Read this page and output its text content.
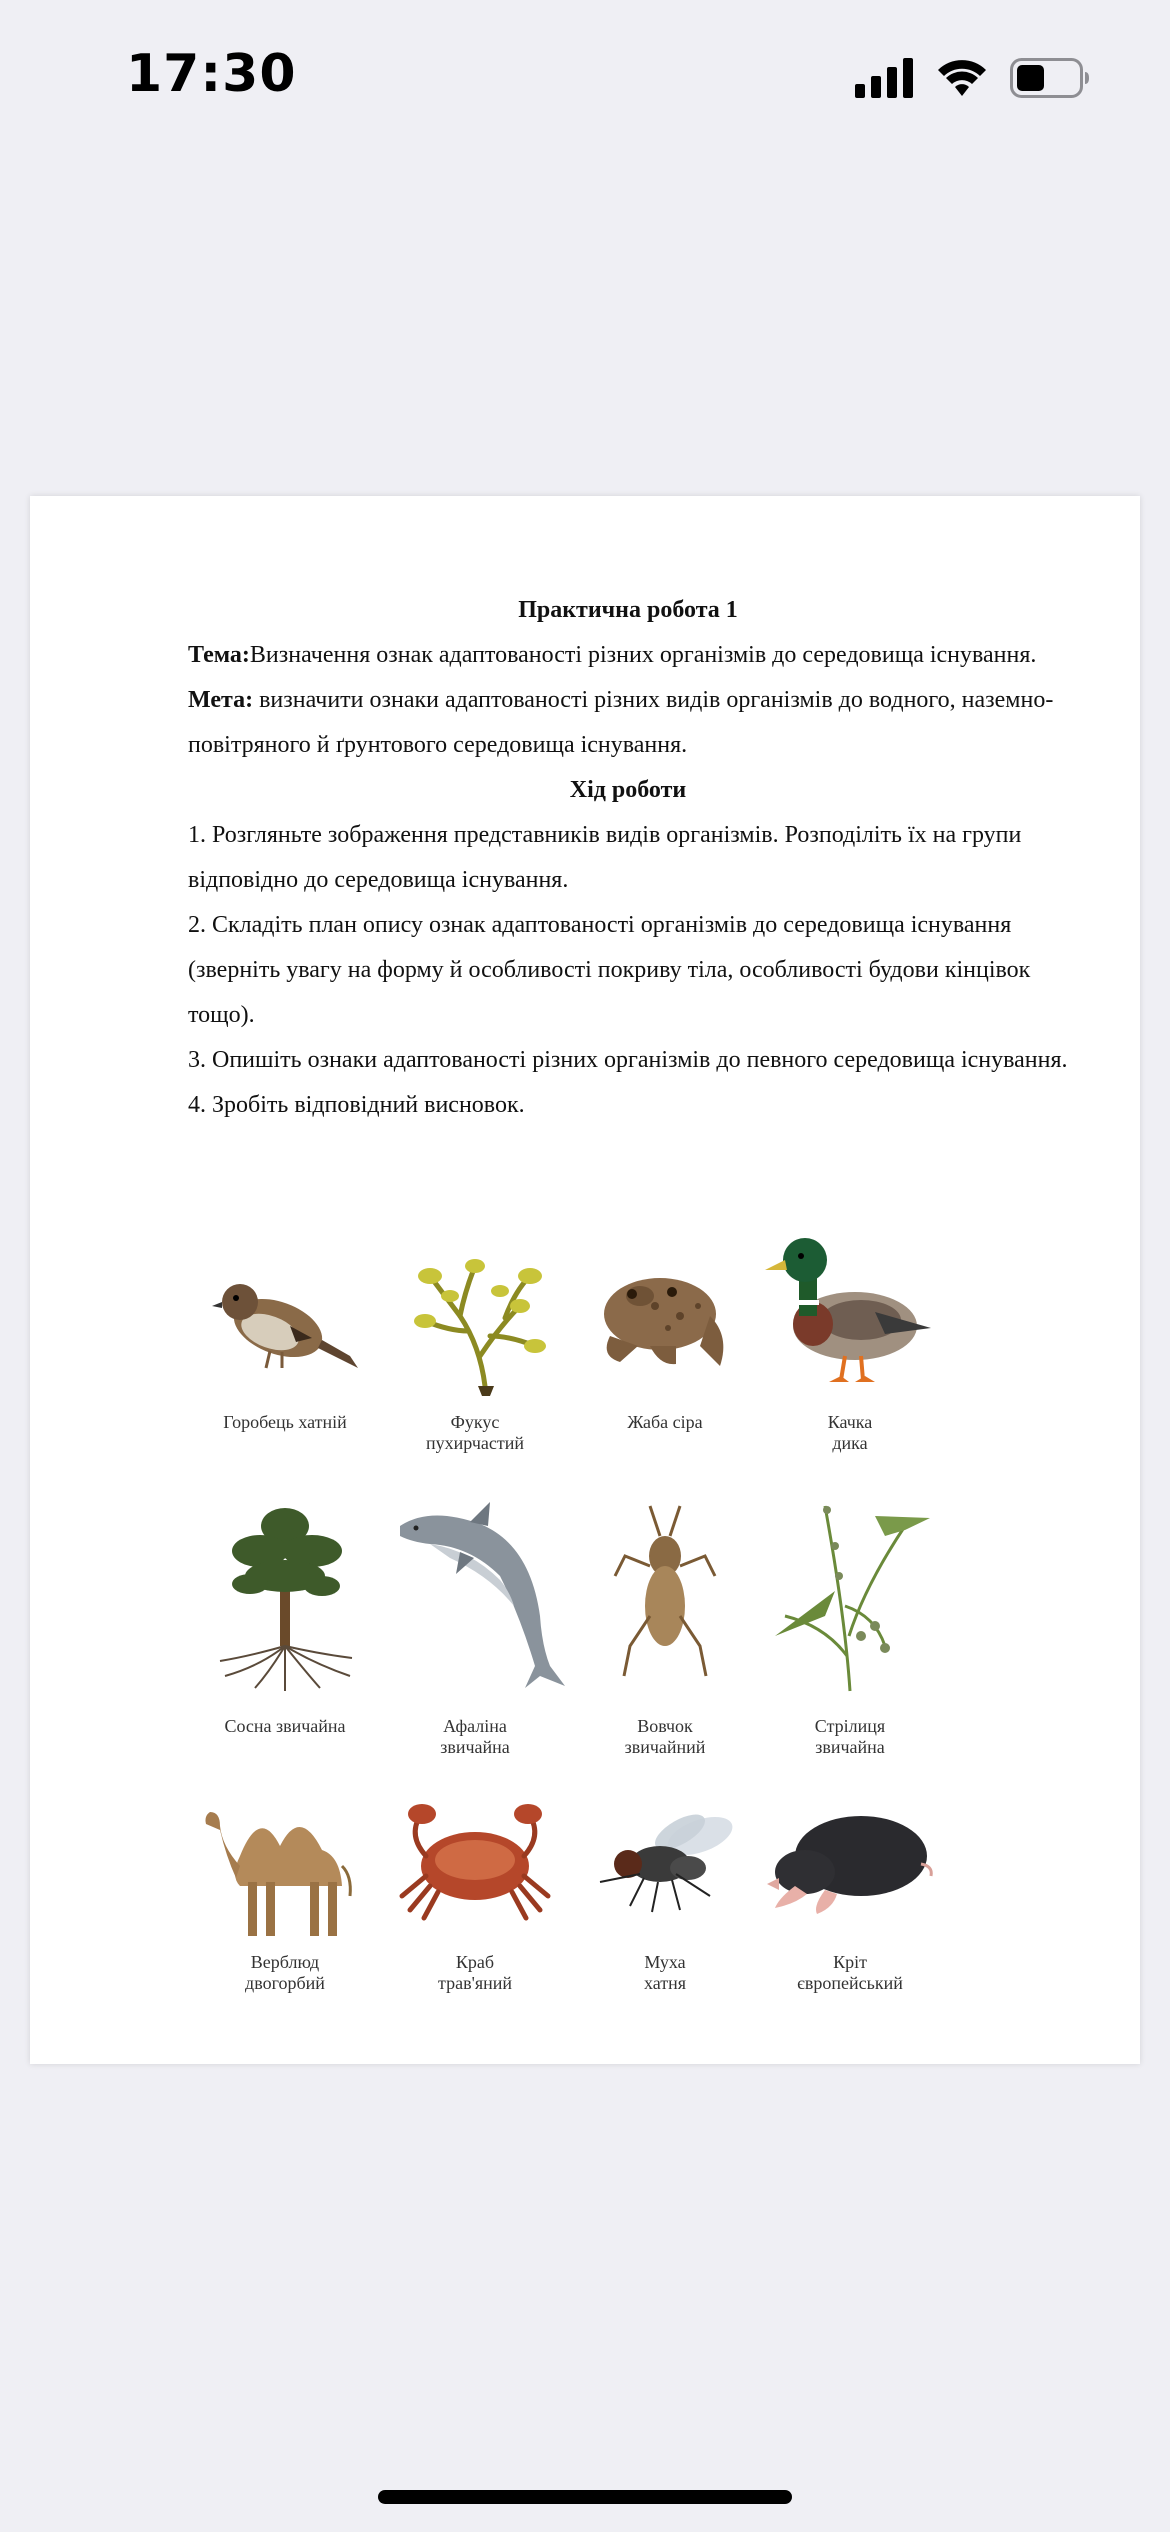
17:30

Практична робота 1

Тема:Визначення ознак адаптованості різних організмів до середовища існування.

Мета: визначити ознаки адаптованості різних видів організмів до водного, наземно-повітряного й ґрунтового середовища існування.

Хід роботи

1. Розгляньте зображення представників видів організмів. Розподіліть їх на групи відповідно до середовища існування.

2. Складіть план опису ознак адаптованості організмів до середовища існування (зверніть увагу на форму й особливості покриву тіла, особливості будови кінцівок тощо).

3. Опишіть ознаки адаптованості різних організмів до певного середовища існування.

4. Зробіть відповідний висновок.

Горобець хатній	Фукус
пухирчастий
Жаба сіра	Качка
дика
Сосна звичайна	Афаліна
звичайна
Вовчок
звичайний
Стрілиця
звичайна
Верблюд
двогорбий
Краб
трав'яний
Муха
хатня
Кріт
європейський
